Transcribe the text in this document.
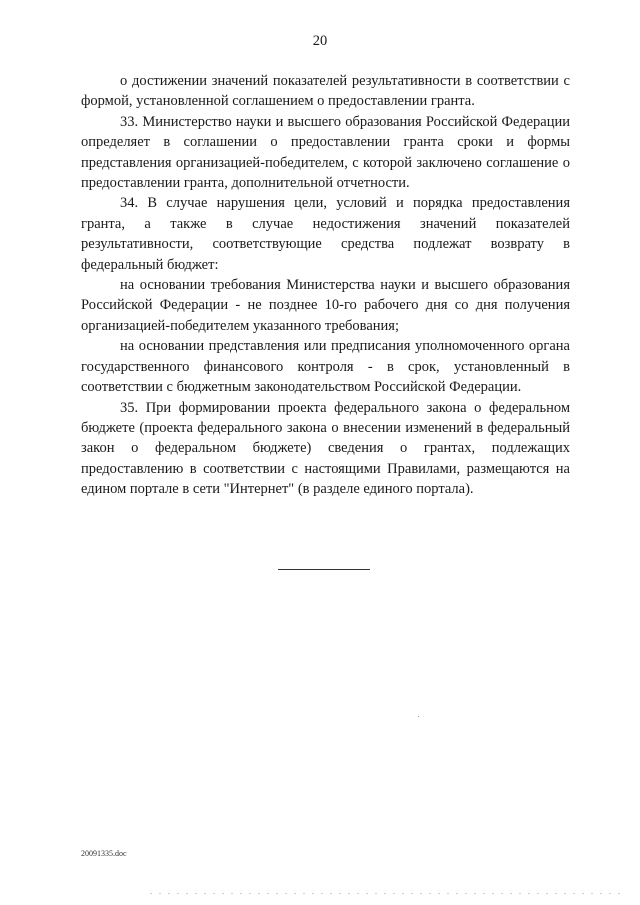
20

о достижении значений показателей результативности в соответствии с формой, установленной соглашением о предоставлении гранта.

33. Министерство науки и высшего образования Российской Федерации определяет в соглашении о предоставлении гранта сроки и формы представления организацией-победителем, с которой заключено соглашение о предоставлении гранта, дополнительной отчетности.

34. В случае нарушения цели, условий и порядка предоставления гранта, а также в случае недостижения значений показателей результативности, соответствующие средства подлежат возврату в федеральный бюджет:

на основании требования Министерства науки и высшего образования Российской Федерации - не позднее 10-го рабочего дня со дня получения организацией-победителем указанного требования;

на основании представления или предписания уполномоченного органа государственного финансового контроля - в срок, установленный в соответствии с бюджетным законодательством Российской Федерации.

35. При формировании проекта федерального закона о федеральном бюджете (проекта федерального закона о внесении изменений в федеральный закон о федеральном бюджете) сведения о грантах, подлежащих предоставлению в соответствии с настоящими Правилами, размещаются на едином портале в сети "Интернет" (в разделе единого портала).

20091335.doc
